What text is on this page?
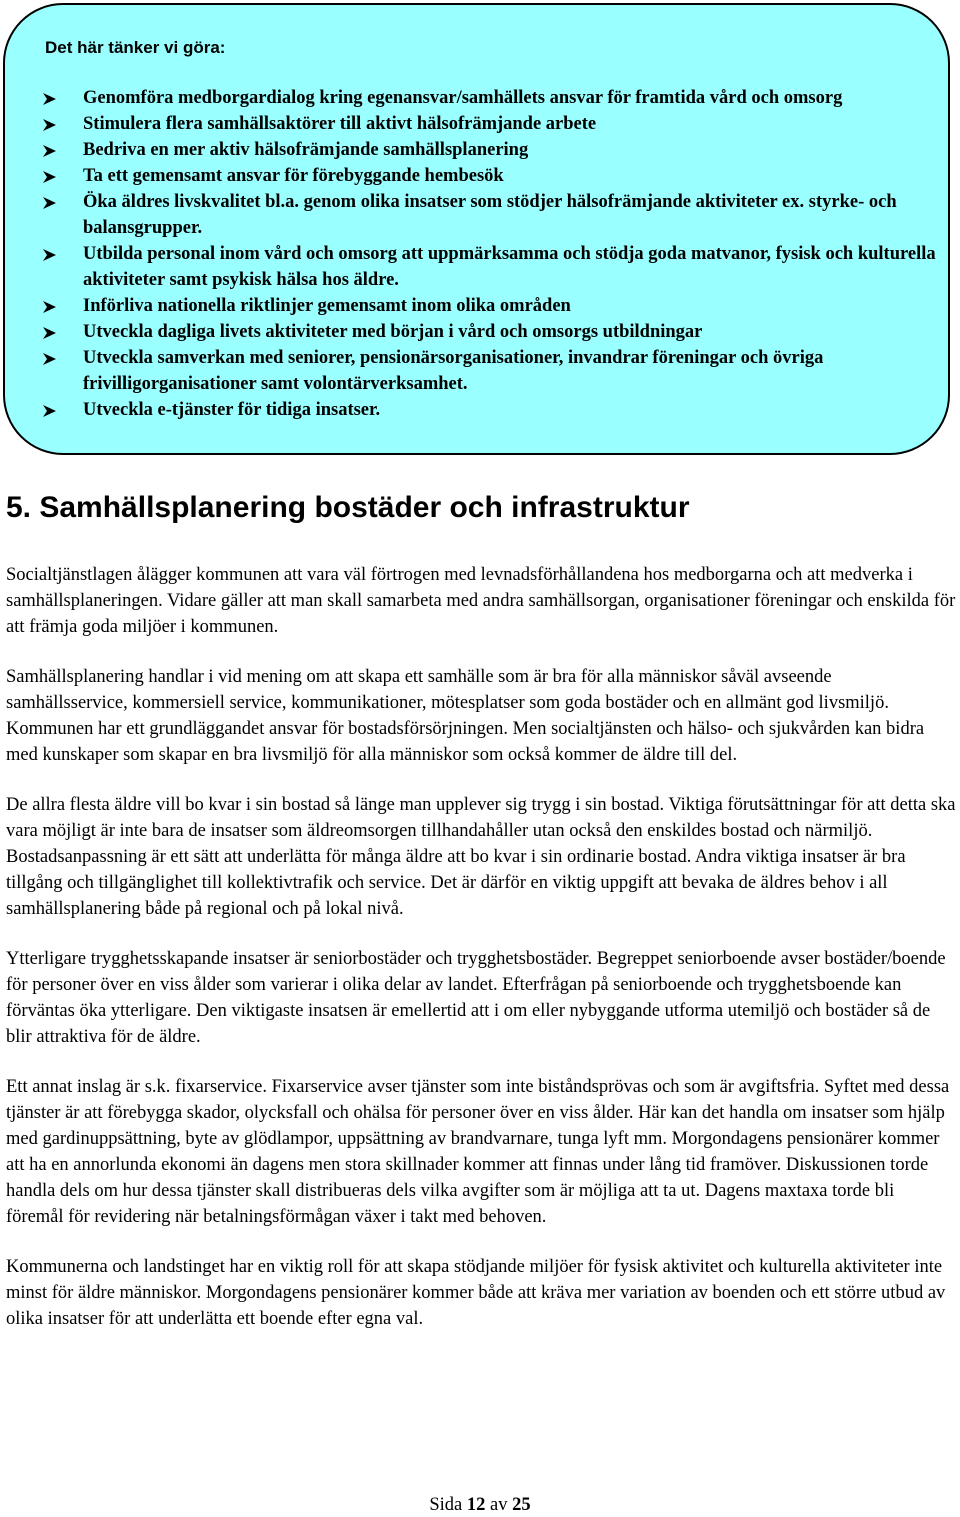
Det här tänker vi göra:
Genomföra medborgardialog kring egenansvar/samhällets ansvar för framtida vård och omsorg
Stimulera flera samhällsaktörer till aktivt hälsofrämjande arbete
Bedriva en mer aktiv hälsofrämjande samhällsplanering
Ta ett gemensamt ansvar för förebyggande hembesök
Öka äldres livskvalitet bl.a. genom olika insatser som stödjer hälsofrämjande aktiviteter ex. styrke- och balansgrupper.
Utbilda personal inom vård och omsorg att uppmärksamma och stödja goda matvanor, fysisk och kulturella aktiviteter samt psykisk hälsa hos äldre.
Införliva nationella riktlinjer gemensamt inom olika områden
Utveckla dagliga livets aktiviteter med början i vård och omsorgs utbildningar
Utveckla samverkan med seniorer, pensionärsorganisationer, invandrar föreningar och övriga frivilligorganisationer samt volontärverksamhet.
Utveckla e-tjänster för tidiga insatser.
5. Samhällsplanering bostäder och infrastruktur

Socialtjänstlagen ålägger kommunen att vara väl förtrogen med levnadsförhållandena hos medborgarna och att medverka i samhällsplaneringen. Vidare gäller att man skall samarbeta med andra samhällsorgan, organisationer föreningar och enskilda för att främja goda miljöer i kommunen.

Samhällsplanering handlar i vid mening om att skapa ett samhälle som är bra för alla människor såväl avseende samhällsservice, kommersiell service, kommunikationer, mötesplatser som goda bostäder och en allmänt god livsmiljö. Kommunen har ett grundläggandet ansvar för bostadsförsörjningen. Men socialtjänsten och hälso- och sjukvården kan bidra med kunskaper som skapar en bra livsmiljö för alla människor som också kommer de äldre till del.

De allra flesta äldre vill bo kvar i sin bostad så länge man upplever sig trygg i sin bostad. Viktiga förutsättningar för att detta ska vara möjligt är inte bara de insatser som äldreomsorgen tillhandahåller utan också den enskildes bostad och närmiljö. Bostadsanpassning är ett sätt att underlätta för många äldre att bo kvar i sin ordinarie bostad. Andra viktiga insatser är bra tillgång och tillgänglighet till kollektivtrafik och service. Det är därför en viktig uppgift att bevaka de äldres behov i all samhällsplanering både på regional och på lokal nivå.

Ytterligare trygghetsskapande insatser är seniorbostäder och trygghetsbostäder. Begreppet seniorboende avser bostäder/boende för personer över en viss ålder som varierar i olika delar av landet. Efterfrågan på seniorboende och trygghetsboende kan förväntas öka ytterligare. Den viktigaste insatsen är emellertid att i om eller nybyggande utforma utemiljö och bostäder så de blir attraktiva för de äldre.

Ett annat inslag är s.k. fixarservice. Fixarservice avser tjänster som inte biståndsprövas och som är avgiftsfria. Syftet med dessa tjänster är att förebygga skador, olycksfall och ohälsa för personer över en viss ålder. Här kan det handla om insatser som hjälp med gardinuppsättning, byte av glödlampor, uppsättning av brandvarnare, tunga lyft mm. Morgondagens pensionärer kommer att ha en annorlunda ekonomi än dagens men stora skillnader kommer att finnas under lång tid framöver. Diskussionen torde handla dels om hur dessa tjänster skall distribueras dels vilka avgifter som är möjliga att ta ut. Dagens maxtaxa torde bli föremål för revidering när betalningsförmågan växer i takt med behoven.

Kommunerna och landstinget har en viktig roll för att skapa stödjande miljöer för fysisk aktivitet och kulturella aktiviteter inte minst för äldre människor. Morgondagens pensionärer kommer både att kräva mer variation av boenden och ett större utbud av olika insatser för att underlätta ett boende efter egna val.

Sida 12 av 25
